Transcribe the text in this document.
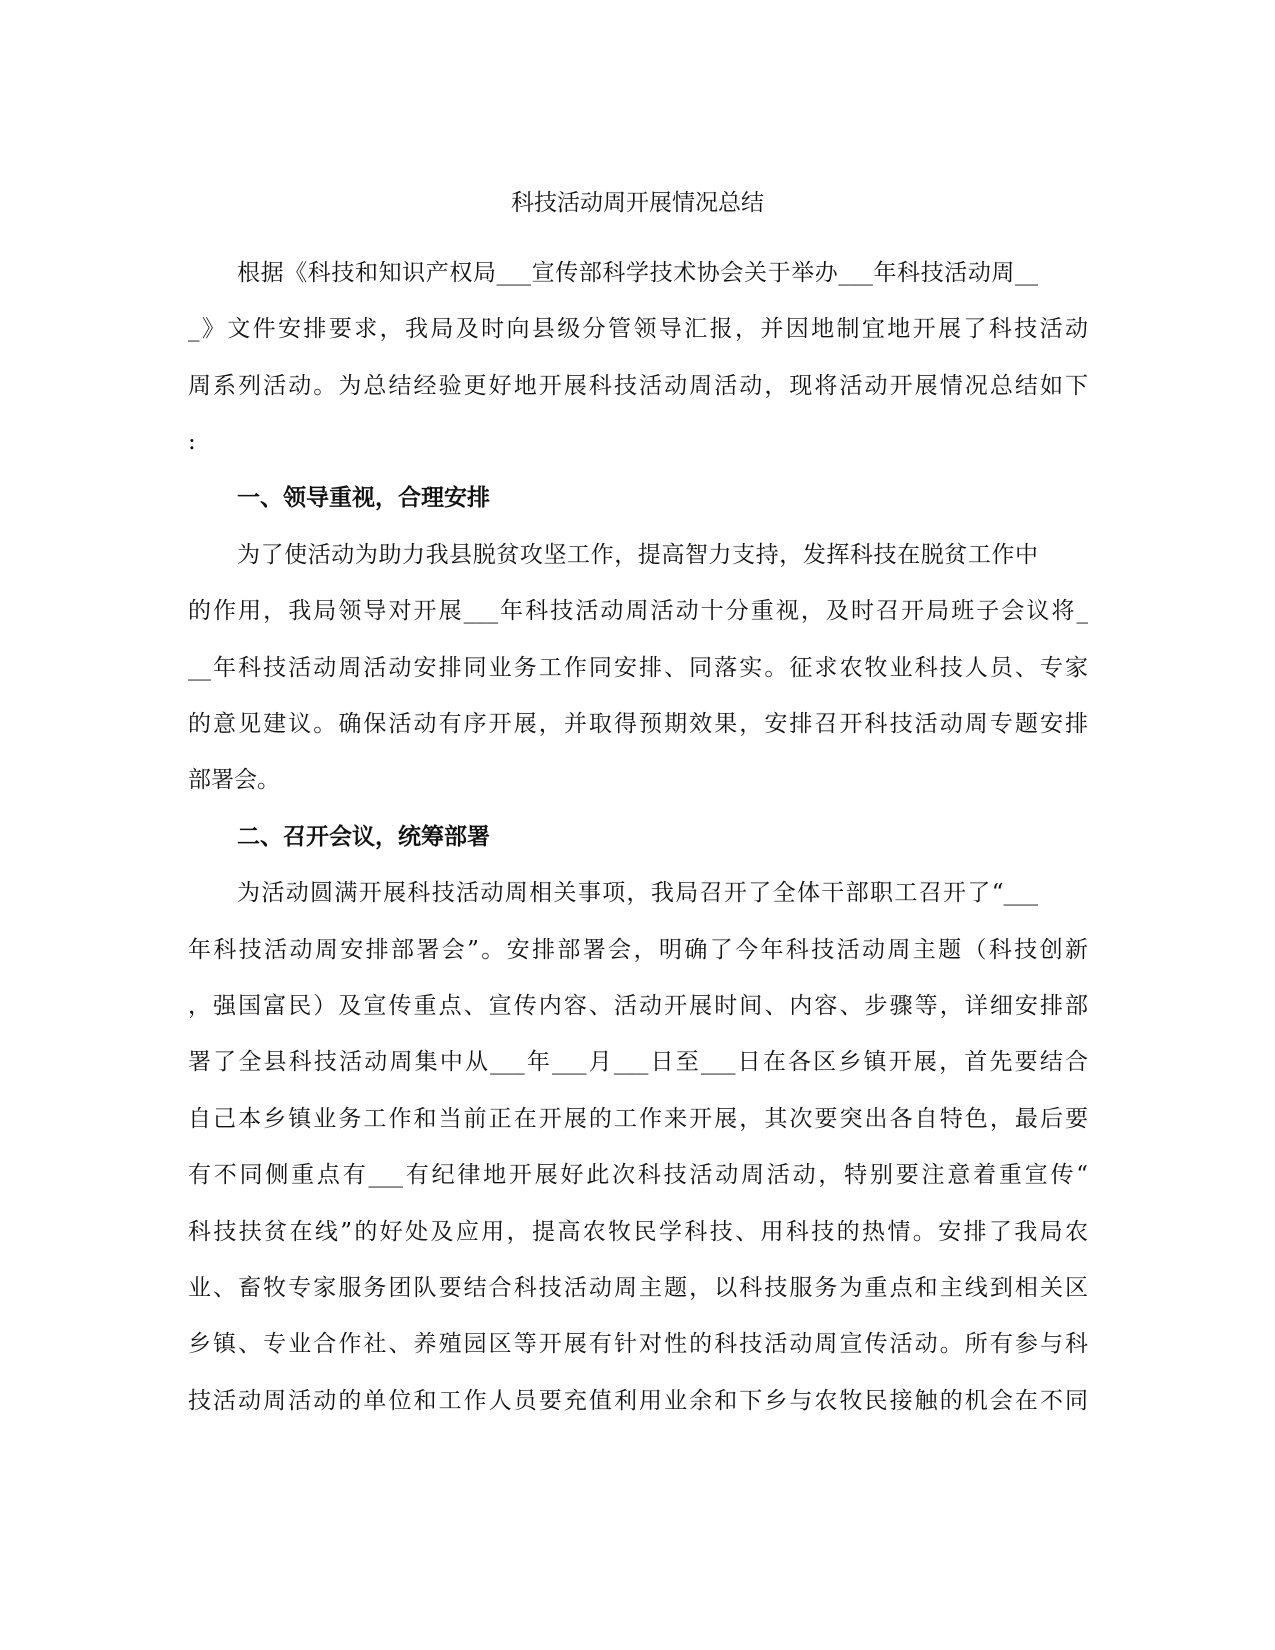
科技活动周开展情况总结
根据《科技和知识产权局___宣传部科学技术协会关于举办___年科技活动周__
_》文件安排要求，我局及时向县级分管领导汇报，并因地制宜地开展了科技活动
周系列活动。为总结经验更好地开展科技活动周活动，现将活动开展情况总结如下
:
一、领导重视，合理安排
为了使活动为助力我县脱贫攻坚工作，提高智力支持，发挥科技在脱贫工作中
的作用，我局领导对开展___年科技活动周活动十分重视，及时召开局班子会议将_
__年科技活动周活动安排同业务工作同安排、同落实。征求农牧业科技人员、专家
的意见建议。确保活动有序开展，并取得预期效果，安排召开科技活动周专题安排
部署会。
二、召开会议，统筹部署
为活动圆满开展科技活动周相关事项，我局召开了全体干部职工召开了“___
年科技活动周安排部署会”。安排部署会，明确了今年科技活动周主题（科技创新
，强国富民）及宣传重点、宣传内容、活动开展时间、内容、步骤等，详细安排部
署了全县科技活动周集中从___年___月___日至___日在各区乡镇开展，首先要结合
自己本乡镇业务工作和当前正在开展的工作来开展，其次要突出各自特色，最后要
有不同侧重点有___有纪律地开展好此次科技活动周活动，特别要注意着重宣传“
科技扶贫在线”的好处及应用，提高农牧民学科技、用科技的热情。安排了我局农
业、畜牧专家服务团队要结合科技活动周主题，以科技服务为重点和主线到相关区
乡镇、专业合作社、养殖园区等开展有针对性的科技活动周宣传活动。所有参与科
技活动周活动的单位和工作人员要充值利用业余和下乡与农牧民接触的机会在不同
